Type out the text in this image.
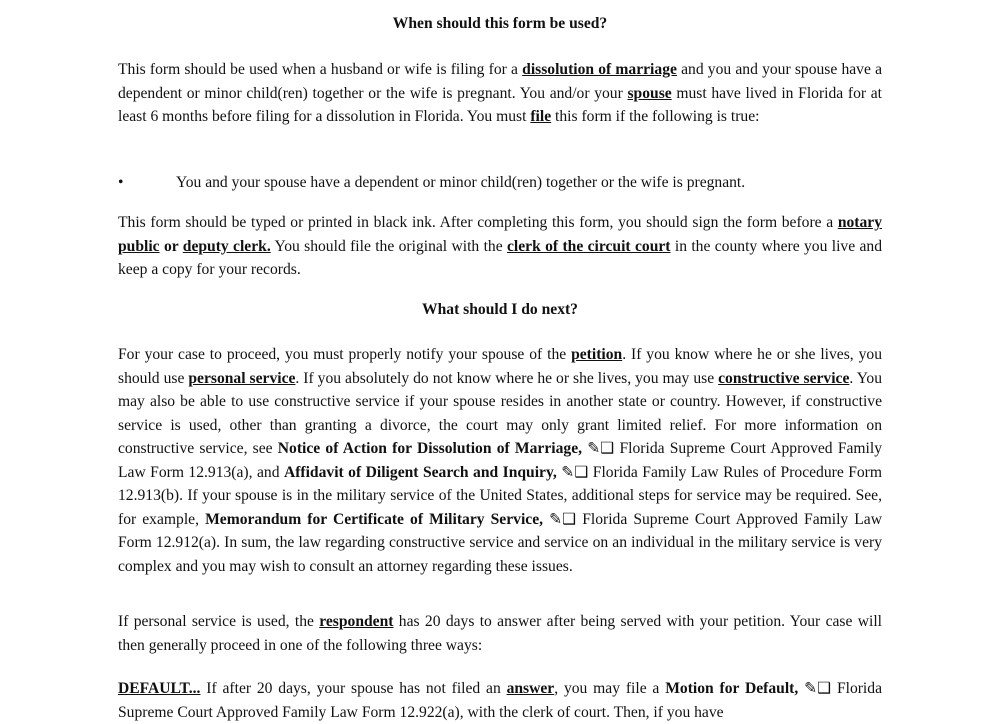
When should this form be used?

This form should be used when a husband or wife is filing for a dissolution of marriage and you and your spouse have a dependent or minor child(ren) together or the wife is pregnant. You and/or your spouse must have lived in Florida for at least 6 months before filing for a dissolution in Florida. You must file this form if the following is true:

•	You and your spouse have a dependent or minor child(ren) together or the wife is pregnant.

This form should be typed or printed in black ink. After completing this form, you should sign the form before a notary public or deputy clerk. You should file the original with the clerk of the circuit court in the county where you live and keep a copy for your records.

What should I do next?

For your case to proceed, you must properly notify your spouse of the petition. If you know where he or she lives, you should use personal service. If you absolutely do not know where he or she lives, you may use constructive service. You may also be able to use constructive service if your spouse resides in another state or country. However, if constructive service is used, other than granting a divorce, the court may only grant limited relief. For more information on constructive service, see Notice of Action for Dissolution of Marriage, ✎❑ Florida Supreme Court Approved Family Law Form 12.913(a), and Affidavit of Diligent Search and Inquiry, ✎❑ Florida Family Law Rules of Procedure Form 12.913(b). If your spouse is in the military service of the United States, additional steps for service may be required. See, for example, Memorandum for Certificate of Military Service, ✎❑ Florida Supreme Court Approved Family Law Form 12.912(a). In sum, the law regarding constructive service and service on an individual in the military service is very complex and you may wish to consult an attorney regarding these issues.

If personal service is used, the respondent has 20 days to answer after being served with your petition. Your case will then generally proceed in one of the following three ways:

DEFAULT... If after 20 days, your spouse has not filed an answer, you may file a Motion for Default, ✎❑ Florida Supreme Court Approved Family Law Form 12.922(a), with the clerk of court. Then, if you have
